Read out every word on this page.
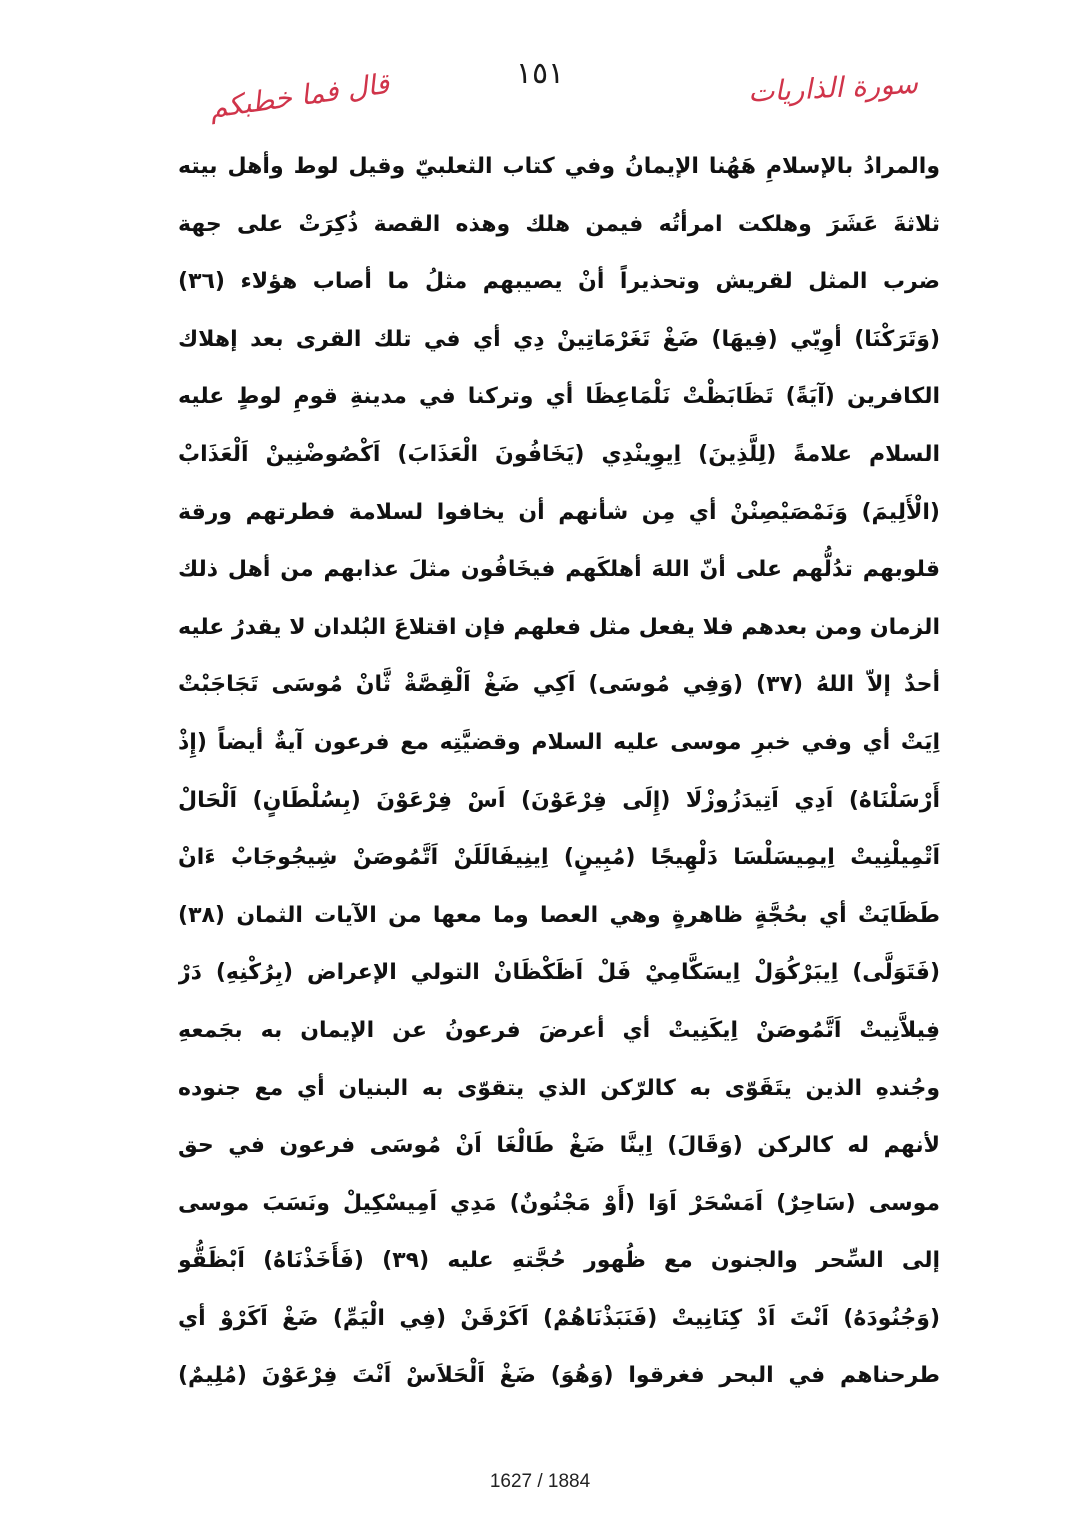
١٥١	سورة الذاريات
قال فما خطبكم
والمرادُ بالإسلامِ هَهُنا الإيمانُ وفي كتاب الثعلبيّ وقيل لوط وأهل بيته
ثلاثةَ عَشَرَ وهلكت امرأتُه فيمن هلك وهذه القصة ذُكِرَتْ على جهة
ضرب المثل لقريش وتحذيراً أنْ يصيبهم مثلُ ما أصاب هؤلاء (٣٦)
(وَتَرَكْنَا) أوِيّي (فِيهَا) ضَغْ تَغَرْمَاتِينْ دِي أي في تلك القرى بعد إهلاك
الكافرين (آيَةً) تَظَابَظْتْ نَلْمَاعِظَا أي وتركنا في مدينةِ قومِ لوطٍ عليه
السلام علامةً (لِلَّذِينَ) اِيوِينْدِي (يَخَافُونَ الْعَذَابَ) اَكْصُوضْنِينْ اَلْعَذَابْ
(الْأَلِيمَ) وَنَمْصَيْصِنْنْ أي مِن شأنهم أن يخافوا لسلامة فطرتهم ورقة
قلوبهم تدُلُّهم على أنّ اللهَ أهلكَهم فيخَافُون مثلَ عذابهم من أهل ذلك
الزمان ومن بعدهم فلا يفعل مثل فعلهم فإن اقتلاعَ البُلدان لا يقدرُ عليه
أحدٌ إلاّ اللهُ (٣٧) (وَفِي مُوسَى) اَكِي ضَغْ اَلْقِصَّةْ ثَّانْ مُوسَى تَجَاجَبْتْ
اِيَتْ أي وفي خبرِ موسى عليه السلام وقضيَّتِه مع فرعون آيةٌ أيضاً (إِذْ
أَرْسَلْنَاهُ) اَدِي اَتِيدَزُوزْلَا (إِلَى فِرْعَوْنَ) اَسْ فِرْعَوْنَ (بِسُلْطَانٍ) اَلْحَالْ
اَتْمِيلْنِيتْ اِيمِيسَلْسَا دَلْهِيجًا (مُبِينٍ) اِينِيفَالَلَنْ اَتَّمُوصَنْ شِيجُوجَابْ ءَانْ
طَظَايَتْ أي بحُجَّةٍ ظاهرةٍ وهي العصا وما معها من الآيات الثمان (٣٨)
(فَتَوَلَّى) اِيبَرْكُوَلْ اِيسَكَّامِيْ فَلْ اَظَكْظَانْ التولي الإعراض (بِرُكْنِهِ) دَرْ
فِيلاَّنِيتْ اَتَّمُوصَنْ اِيكَنِيتْ أي أعرضَ فرعونُ عن الإيمان به بجَمعهِ
وجُندهِ الذين يتَقَوّى به كالرّكن الذي يتقوّى به البنيان أي مع جنوده
لأنهم له كالركن (وَقَالَ) اِينَّا ضَغْ طَالْغَا اَنْ مُوسَى فرعون في حق
موسى (سَاحِرٌ) اَمَسْحَرْ اَوَا (أَوْ مَجْنُونٌ) مَدِي اَمِيسْكِيلْ ونَسَبَ موسى
إلى السِّحر والجنون مع ظُهور حُجَّتهِ عليه (٣٩) (فَأَخَذْنَاهُ) اَبْظَقُّو
(وَجُنُودَهُ) اَنْتَ اَدْ كِنَانِيتْ (فَنَبَذْنَاهُمْ) اَكَرْقَنْ (فِي الْيَمِّ) ضَغْ اَكَرْوْ أي
طرحناهم في البحر فغرقوا (وَهُوَ) ضَغْ اَلْحَلاَسْ اَنْتَ فِرْعَوْنَ (مُلِيمٌ)
1627 / 1884
